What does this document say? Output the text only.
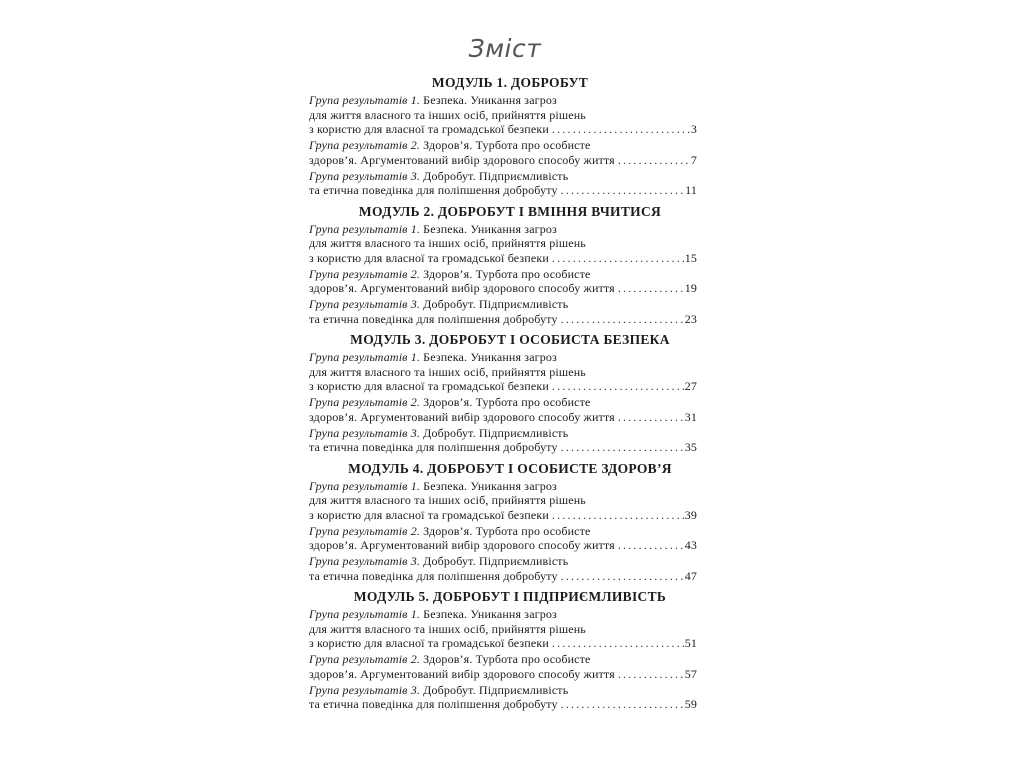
Зміст
МОДУЛЬ 1. ДОБРОБУТ
Група результатів 1. Безпека. Уникання загроз
для життя власного та інших осіб, прийняття рішень
з користю для власної та громадської безпеки .....	3
Група результатів 2. Здоров’я. Турбота про особисте
здоров’я. Аргументований вибір здорового способу життя .....	7
Група результатів 3. Добробут. Підприємливість
та етична поведінка для поліпшення добробуту .....	11
МОДУЛЬ 2. ДОБРОБУТ І ВМІННЯ ВЧИТИСЯ
Група результатів 1. Безпека. Уникання загроз
для життя власного та інших осіб, прийняття рішень
з користю для власної та громадської безпеки .....	15
Група результатів 2. Здоров’я. Турбота про особисте
здоров’я. Аргументований вибір здорового способу життя .....	19
Група результатів 3. Добробут. Підприємливість
та етична поведінка для поліпшення добробуту .....	23
МОДУЛЬ 3. ДОБРОБУТ І ОСОБИСТА БЕЗПЕКА
Група результатів 1. Безпека. Уникання загроз
для життя власного та інших осіб, прийняття рішень
з користю для власної та громадської безпеки .....	27
Група результатів 2. Здоров’я. Турбота про особисте
здоров’я. Аргументований вибір здорового способу життя .....	31
Група результатів 3. Добробут. Підприємливість
та етична поведінка для поліпшення добробуту .....	35
МОДУЛЬ 4. ДОБРОБУТ І ОСОБИСТЕ ЗДОРОВ’Я
Група результатів 1. Безпека. Уникання загроз
для життя власного та інших осіб, прийняття рішень
з користю для власної та громадської безпеки .....	39
Група результатів 2. Здоров’я. Турбота про особисте
здоров’я. Аргументований вибір здорового способу життя .....	43
Група результатів 3. Добробут. Підприємливість
та етична поведінка для поліпшення добробуту .....	47
МОДУЛЬ 5. ДОБРОБУТ І ПІДПРИЄМЛИВІСТЬ
Група результатів 1. Безпека. Уникання загроз
для життя власного та інших осіб, прийняття рішень
з користю для власної та громадської безпеки .....	51
Група результатів 2. Здоров’я. Турбота про особисте
здоров’я. Аргументований вибір здорового способу життя .....	57
Група результатів 3. Добробут. Підприємливість
та етична поведінка для поліпшення добробуту .....	59
